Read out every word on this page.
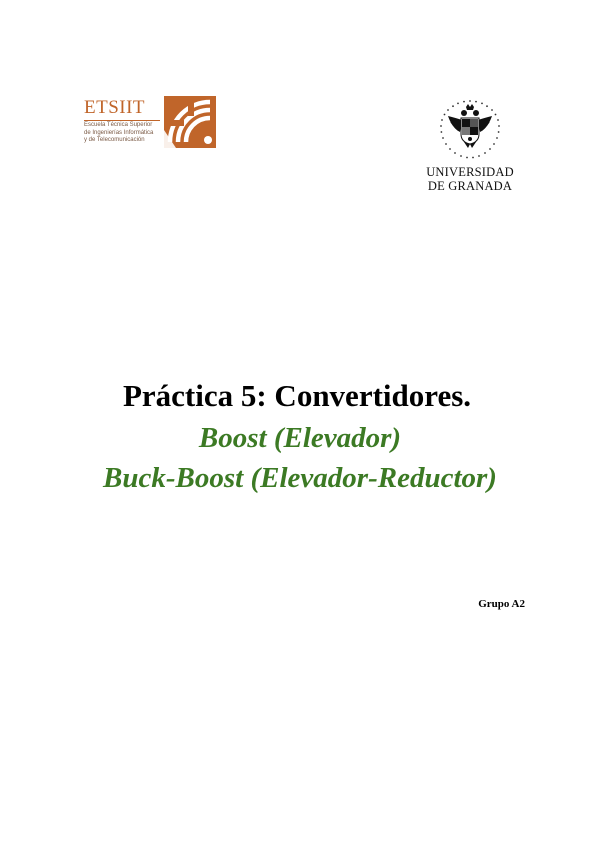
ETSIIT
Escuela Técnica Superior
de Ingenierías Informática
y de Telecomunicación
UNIVERSIDAD
DE GRANADA
Práctica 5: Convertidores.
Boost (Elevador)
Buck-Boost (Elevador-Reductor)
Grupo A2
